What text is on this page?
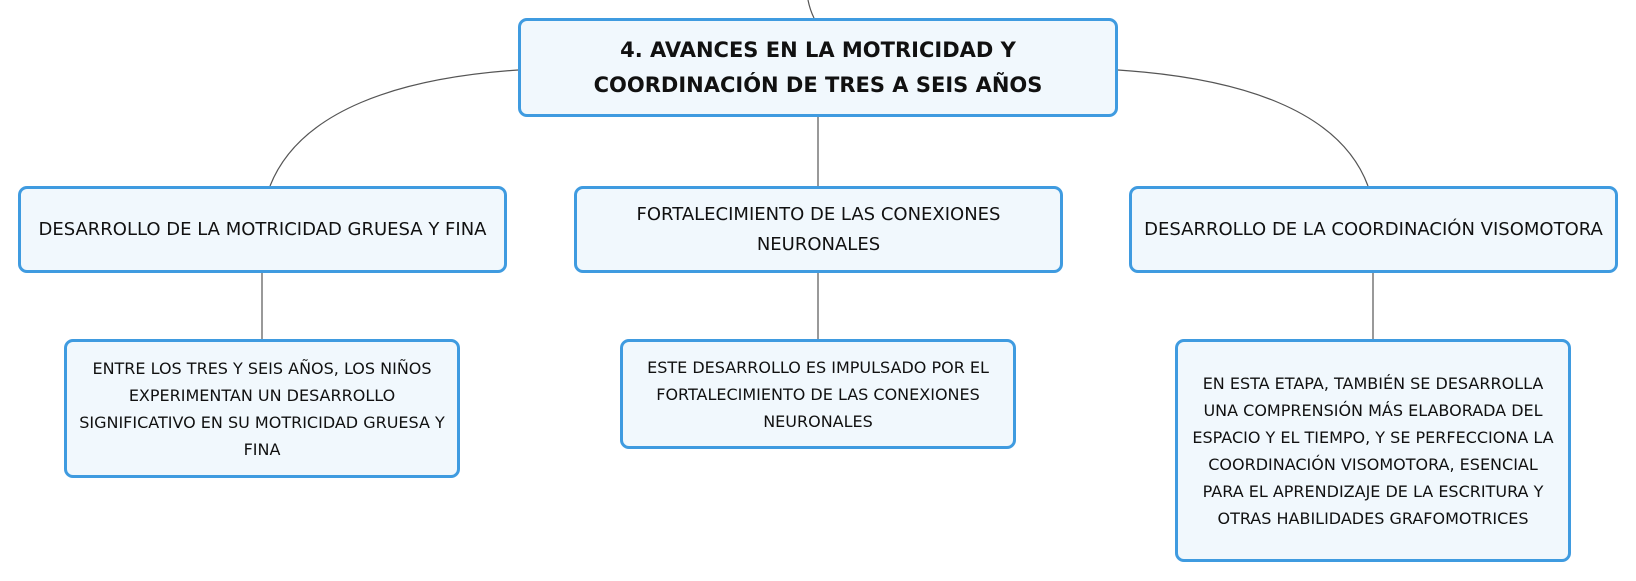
4. AVANCES EN LA MOTRICIDAD Y COORDINACIÓN DE TRES A SEIS AÑOS
DESARROLLO DE LA MOTRICIDAD GRUESA Y FINA
FORTALECIMIENTO DE LAS CONEXIONES NEURONALES
DESARROLLO DE LA COORDINACIÓN VISOMOTORA
ENTRE LOS TRES Y SEIS AÑOS, LOS NIÑOS EXPERIMENTAN UN DESARROLLO SIGNIFICATIVO EN SU MOTRICIDAD GRUESA Y FINA
ESTE DESARROLLO ES IMPULSADO POR EL FORTALECIMIENTO DE LAS CONEXIONES NEURONALES
EN ESTA ETAPA, TAMBIÉN SE DESARROLLA UNA COMPRENSIÓN MÁS ELABORADA DEL ESPACIO Y EL TIEMPO, Y SE PERFECCIONA LA COORDINACIÓN VISOMOTORA, ESENCIAL PARA EL APRENDIZAJE DE LA ESCRITURA Y OTRAS HABILIDADES GRAFOMOTRICES
